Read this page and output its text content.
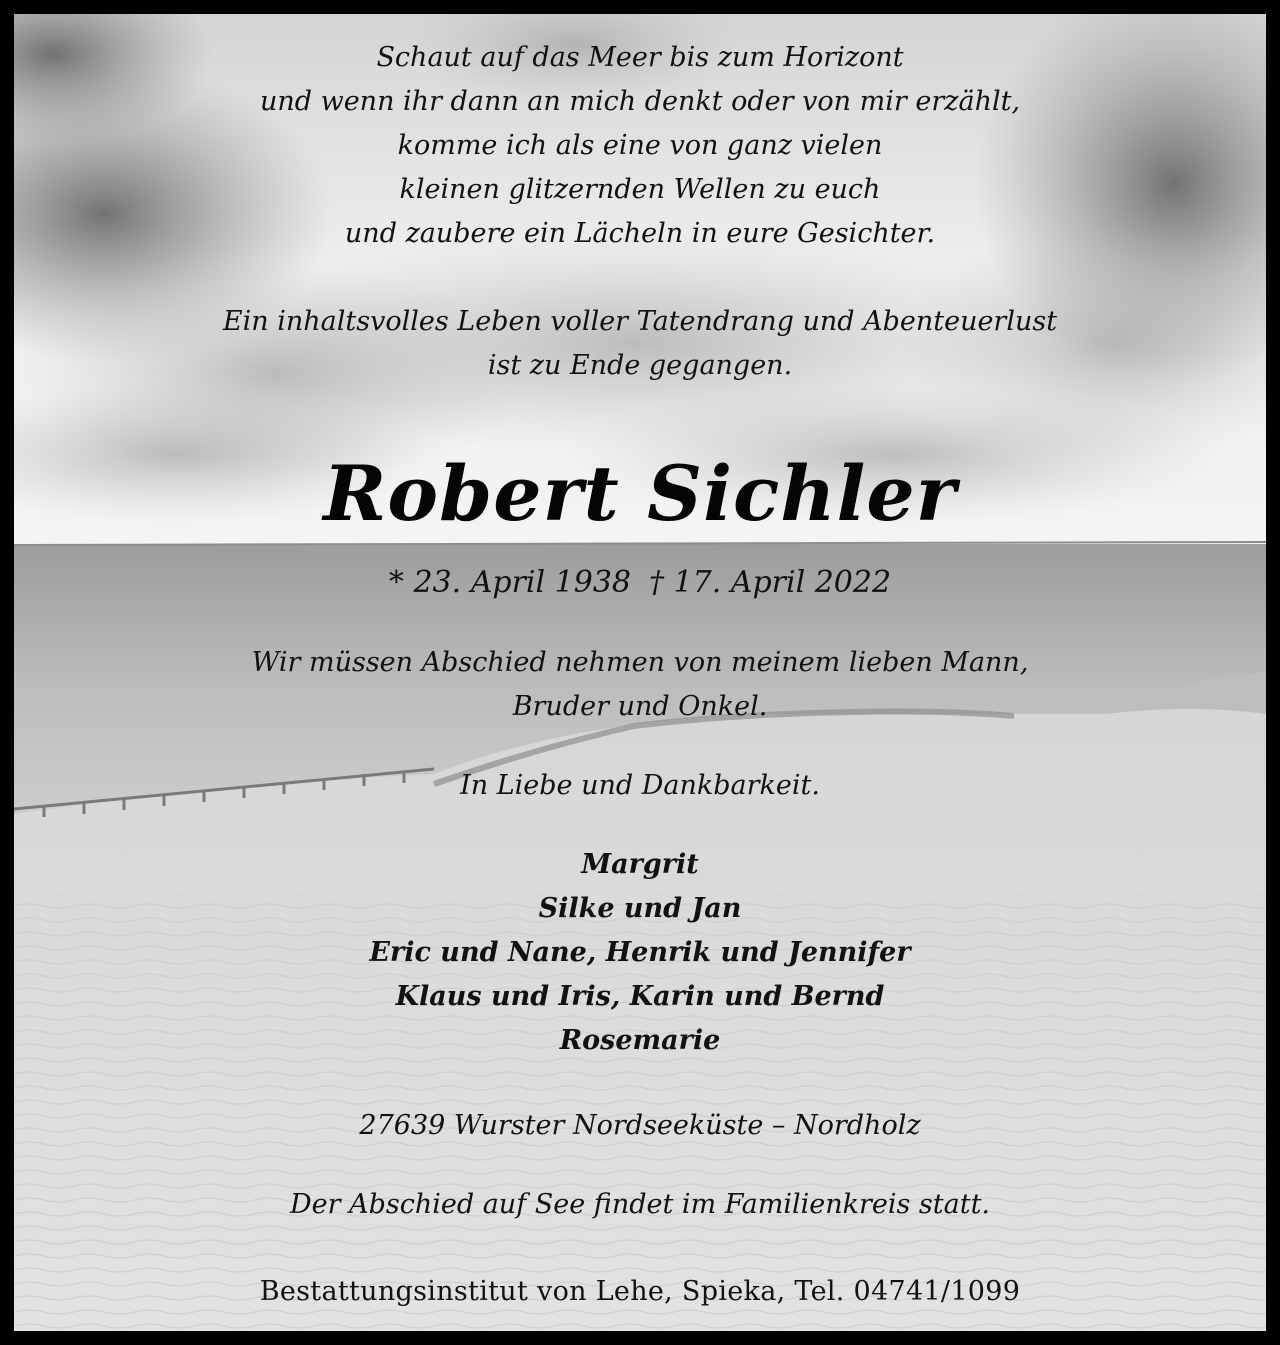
Schaut auf das Meer bis zum Horizont
und wenn ihr dann an mich denkt oder von mir erzählt,
komme ich als eine von ganz vielen
kleinen glitzernden Wellen zu euch
und zaubere ein Lächeln in eure Gesichter.
Ein inhaltsvolles Leben voller Tatendrang und Abenteuerlust
ist zu Ende gegangen.
Robert Sichler
* 23. April 1938 † 17. April 2022
Wir müssen Abschied nehmen von meinem lieben Mann,
Bruder und Onkel.
In Liebe und Dankbarkeit.
Margrit
Silke und Jan
Eric und Nane, Henrik und Jennifer
Klaus und Iris, Karin und Bernd
Rosemarie
27639 Wurster Nordseeküste – Nordholz
Der Abschied auf See findet im Familienkreis statt.
Bestattungsinstitut von Lehe, Spieka, Tel. 04741/1099
